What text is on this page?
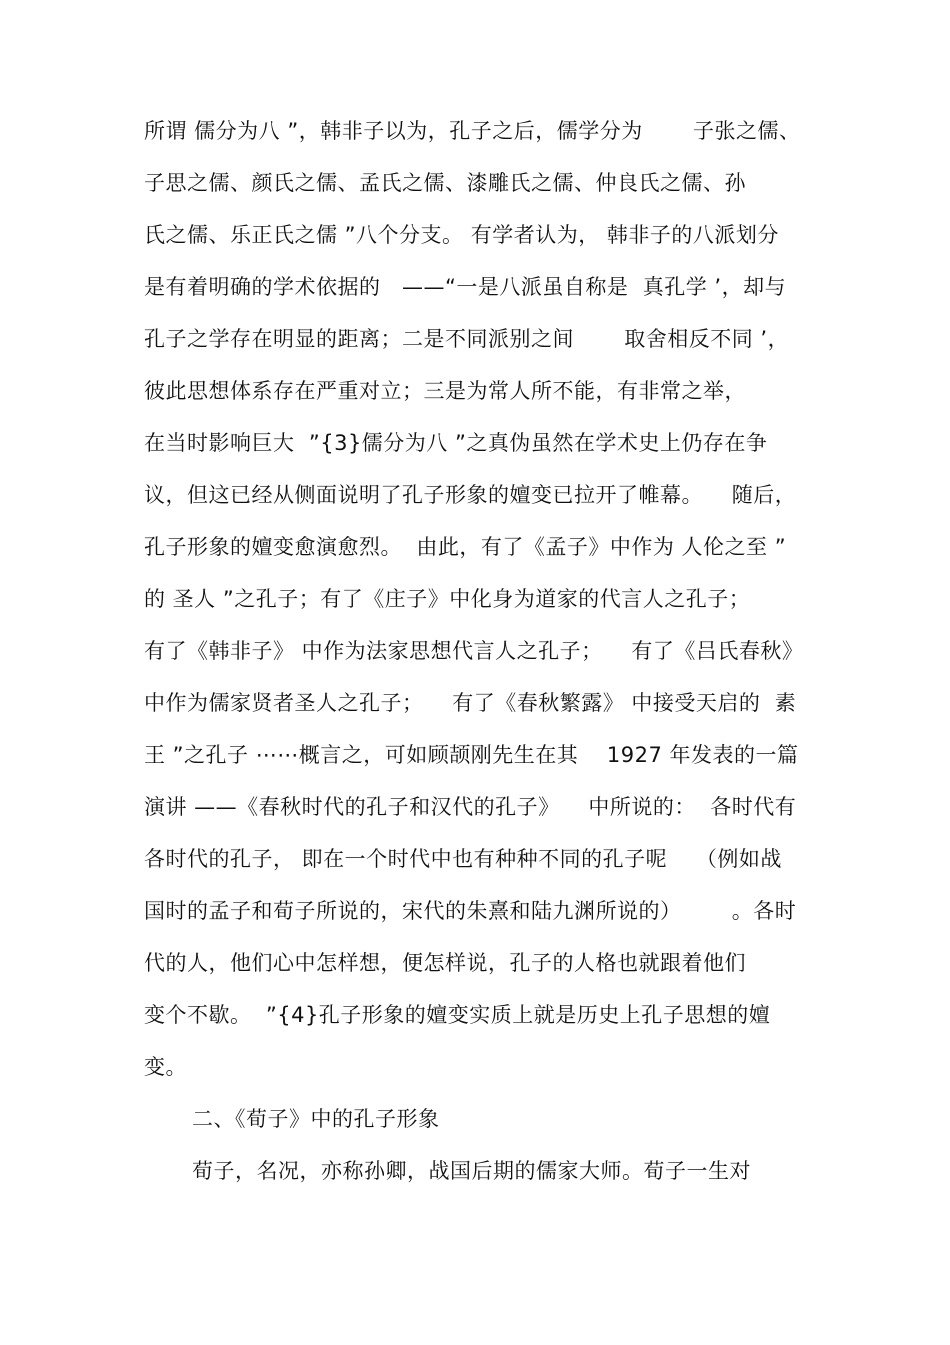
所谓 儒分为八 ”，韩非子以为，孔子之后，儒学分为       子张之儒、

子思之儒、颜氏之儒、孟氏之儒、漆雕氏之儒、仲良氏之儒、孙

氏之儒、乐正氏之儒 ”八个分支。 有学者认为， 韩非子的八派划分

是有着明确的学术依据的   ——“一是八派虽自称是  真孔学 ’，却与

孔子之学存在明显的距离；二是不同派别之间       取舍相反不同 ’，

彼此思想体系存在严重对立；三是为常人所不能，有非常之举，

在当时影响巨大  ”{3}儒分为八 ”之真伪虽然在学术史上仍存在争

议，但这已经从侧面说明了孔子形象的嬗变已拉开了帷幕。    随后，

孔子形象的嬗变愈演愈烈。  由此，有了《孟子》中作为 人伦之至 ”

的 圣人 ”之孔子；有了《庄子》中化身为道家的代言人之孔子；

有了《韩非子》 中作为法家思想代言人之孔子；    有了《吕氏春秋》

中作为儒家贤者圣人之孔子；    有了《春秋繁露》 中接受天启的  素

王 ”之孔子 ⋯⋯概言之，可如顾颉刚先生在其    1927 年发表的一篇

演讲 ——《春秋时代的孔子和汉代的孔子》    中所说的：  各时代有

各时代的孔子， 即在一个时代中也有种种不同的孔子呢    （例如战

国时的孟子和荀子所说的，宋代的朱熹和陆九渊所说的）       。各时

代的人，他们心中怎样想，便怎样说，孔子的人格也就跟着他们

变个不歇。  ”{4}孔子形象的嬗变实质上就是历史上孔子思想的嬗

变。

二、《荀子》中的孔子形象

荀子，名况，亦称孙卿，战国后期的儒家大师。荀子一生对
